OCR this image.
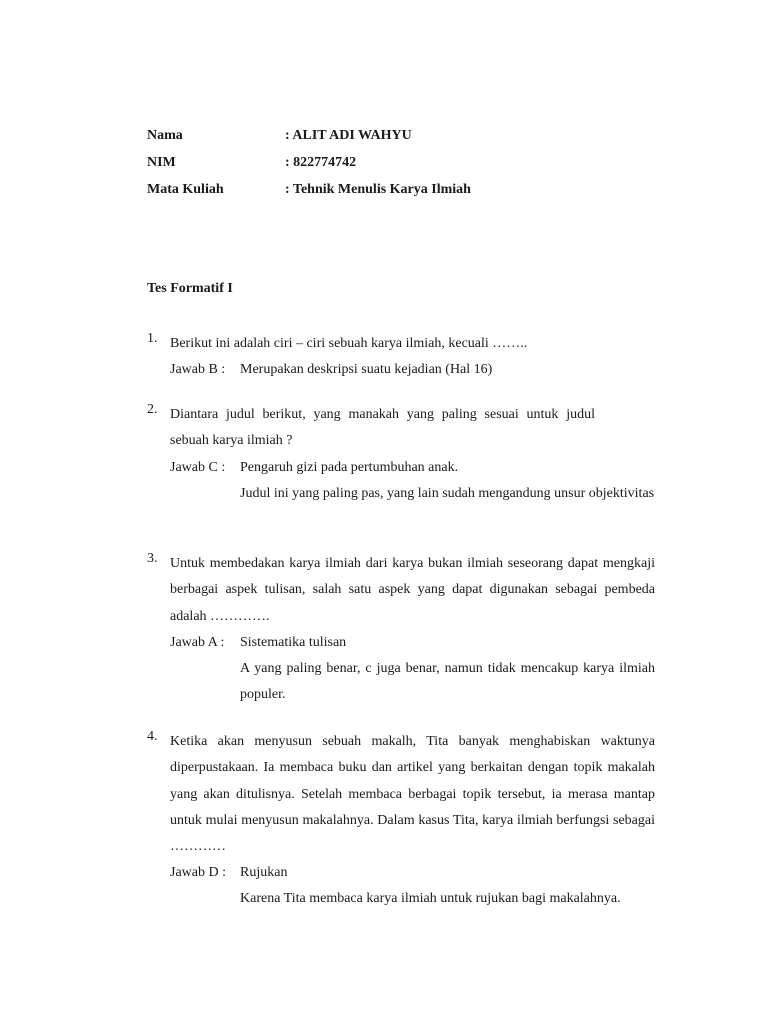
Nama	: ALIT ADI WAHYU
NIM	: 822774742
Mata Kuliah	: Tehnik Menulis Karya Ilmiah
Tes Formatif I
1. Berikut ini adalah ciri – ciri sebuah karya ilmiah, kecuali ……..
Jawab B :	Merupakan deskripsi suatu kejadian (Hal 16)
2. Diantara judul berikut, yang manakah yang paling sesuai untuk judul sebuah karya ilmiah ?
Jawab C :	Pengaruh gizi pada pertumbuhan anak.
Judul ini yang paling pas, yang lain sudah mengandung unsur objektivitas
3. Untuk membedakan karya ilmiah dari karya bukan ilmiah seseorang dapat mengkaji berbagai aspek tulisan, salah satu aspek yang dapat digunakan sebagai pembeda adalah ………….
Jawab A :	Sistematika tulisan
A yang paling benar, c juga benar, namun tidak mencakup karya ilmiah populer.
4. Ketika akan menyusun sebuah makalh, Tita banyak menghabiskan waktunya diperpustakaan. Ia membaca buku dan artikel yang berkaitan dengan topik makalah yang akan ditulisnya. Setelah membaca berbagai topik tersebut, ia merasa mantap untuk mulai menyusun makalahnya. Dalam kasus Tita, karya ilmiah berfungsi sebagai …………
Jawab D :	Rujukan
Karena Tita membaca karya ilmiah untuk rujukan bagi makalahnya.
